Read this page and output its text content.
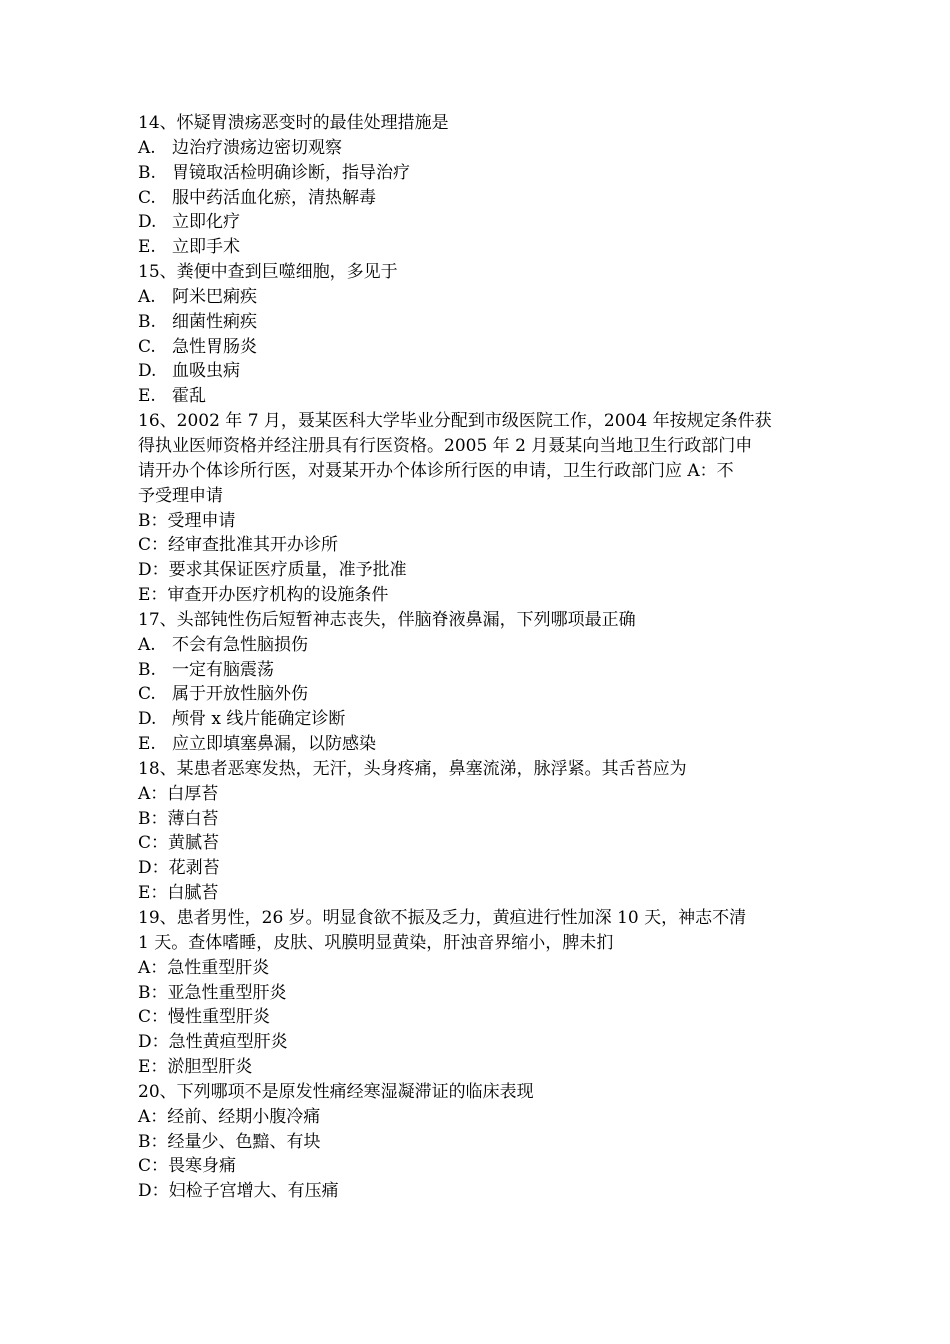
14、怀疑胃溃疡恶变时的最佳处理措施是
A. 边治疗溃疡边密切观察
B. 胃镜取活检明确诊断，指导治疗
C. 服中药活血化瘀，清热解毒
D. 立即化疗
E. 立即手术
15、粪便中查到巨噬细胞，多见于
A. 阿米巴痢疾
B. 细菌性痢疾
C. 急性胃肠炎
D. 血吸虫病
E. 霍乱
16、2002 年 7 月，聂某医科大学毕业分配到市级医院工作，2004 年按规定条件获
得执业医师资格并经注册具有行医资格。2005 年 2 月聂某向当地卫生行政部门申
请开办个体诊所行医，对聂某开办个体诊所行医的申请，卫生行政部门应 A：不
予受理申请
B：受理申请
C：经审查批准其开办诊所
D：要求其保证医疗质量，准予批准
E：审查开办医疗机构的设施条件
17、头部钝性伤后短暂神志丧失，伴脑脊液鼻漏，下列哪项最正确
A. 不会有急性脑损伤
B. 一定有脑震荡
C. 属于开放性脑外伤
D. 颅骨 x 线片能确定诊断
E. 应立即填塞鼻漏，以防感染
18、某患者恶寒发热，无汗，头身疼痛，鼻塞流涕，脉浮紧。其舌苔应为
A：白厚苔
B：薄白苔
C：黄腻苔
D：花剥苔
E：白腻苔
19、患者男性，26 岁。明显食欲不振及乏力，黄疸进行性加深 10 天，神志不清
1 天。查体嗜睡，皮肤、巩膜明显黄染，肝浊音界缩小，脾未扪
A：急性重型肝炎
B：亚急性重型肝炎
C：慢性重型肝炎
D：急性黄疸型肝炎
E：淤胆型肝炎
20、下列哪项不是原发性痛经寒湿凝滞证的临床表现
A：经前、经期小腹冷痛
B：经量少、色黯、有块
C：畏寒身痛
D：妇检子宫增大、有压痛
